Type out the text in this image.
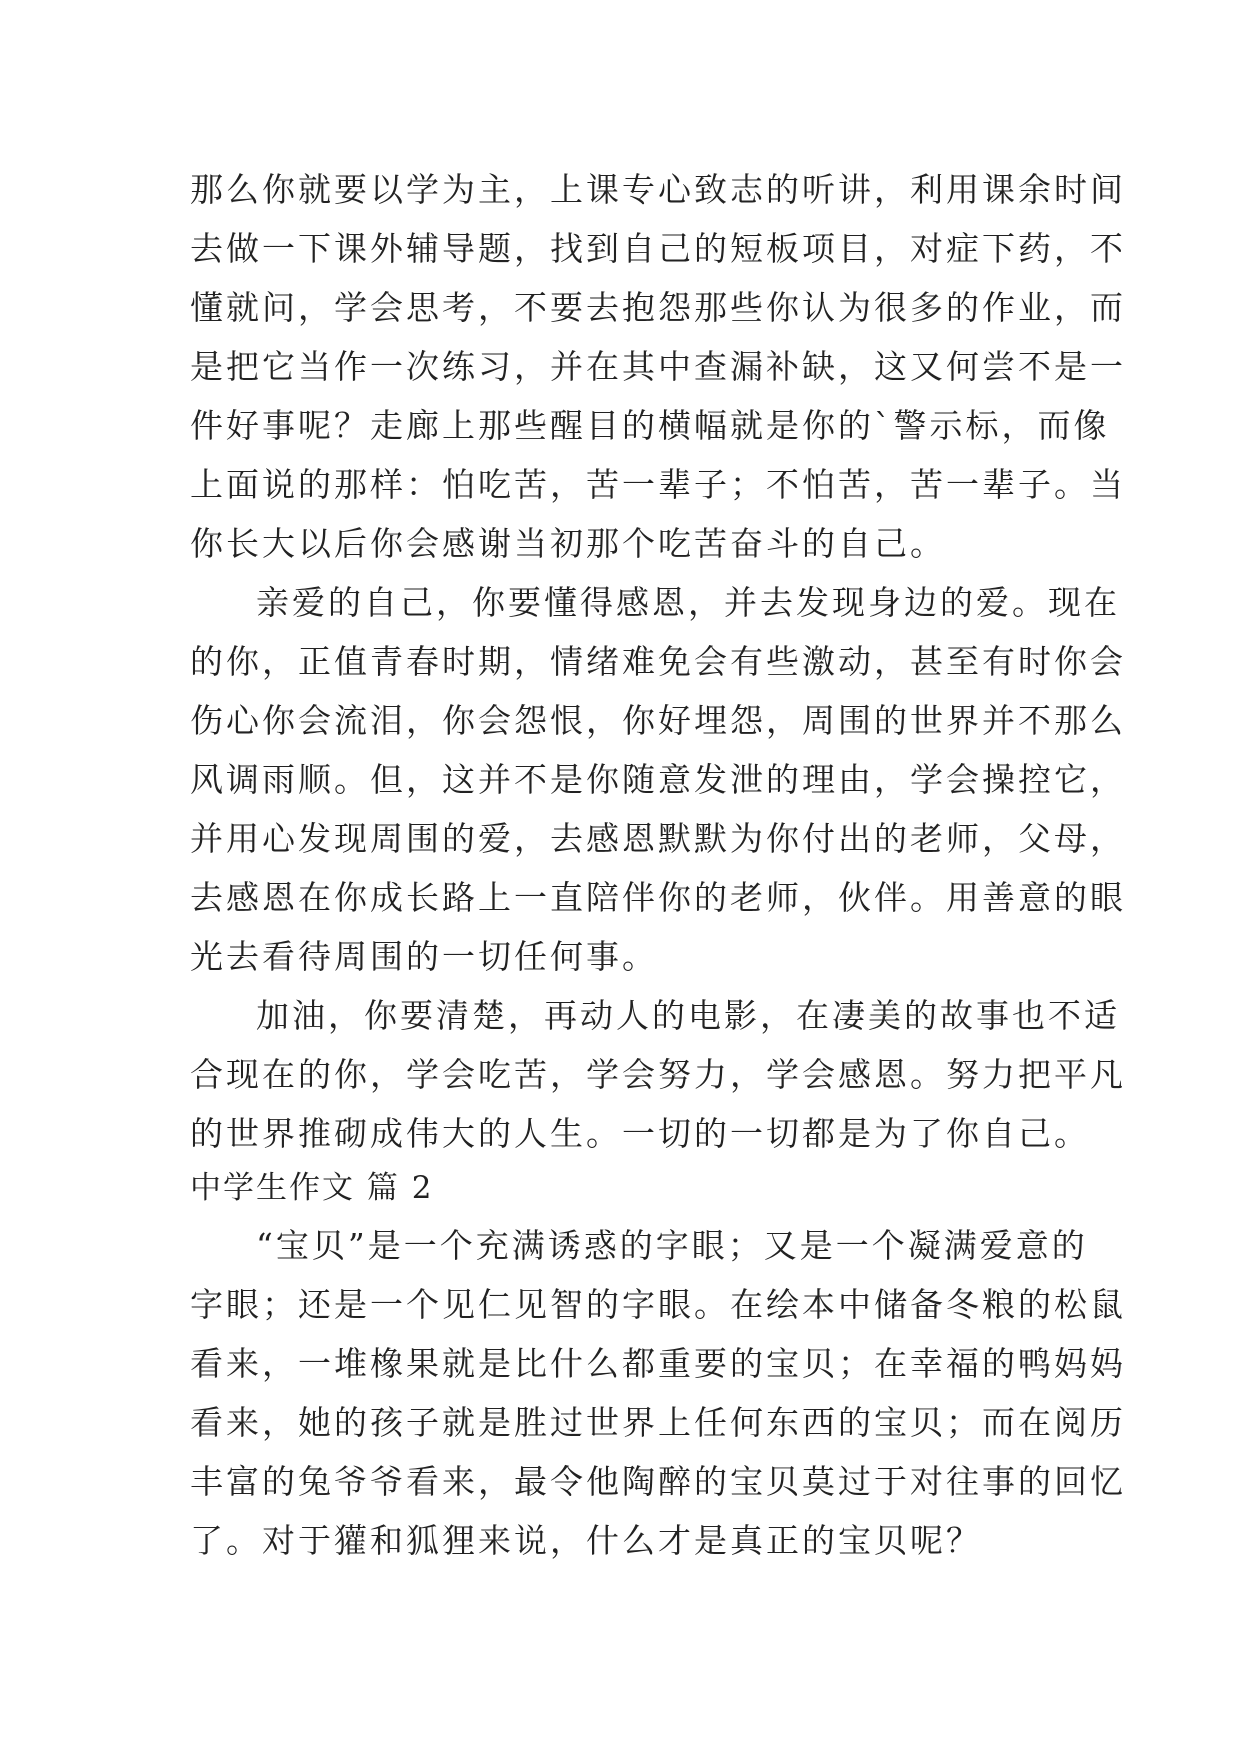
那么你就要以学为主，上课专心致志的听讲，利用课余时间
去做一下课外辅导题，找到自己的短板项目，对症下药，不
懂就问，学会思考，不要去抱怨那些你认为很多的作业，而
是把它当作一次练习，并在其中查漏补缺，这又何尝不是一
件好事呢？走廊上那些醒目的横幅就是你的`警示标，而像
上面说的那样：怕吃苦，苦一辈子；不怕苦，苦一辈子。当
你长大以后你会感谢当初那个吃苦奋斗的自己。
亲爱的自己，你要懂得感恩，并去发现身边的爱。现在
的你，正值青春时期，情绪难免会有些激动，甚至有时你会
伤心你会流泪，你会怨恨，你好埋怨，周围的世界并不那么
风调雨顺。但，这并不是你随意发泄的理由，学会操控它，
并用心发现周围的爱，去感恩默默为你付出的老师，父母，
去感恩在你成长路上一直陪伴你的老师，伙伴。用善意的眼
光去看待周围的一切任何事。
加油，你要清楚，再动人的电影，在凄美的故事也不适
合现在的你，学会吃苦，学会努力，学会感恩。努力把平凡
的世界推砌成伟大的人生。一切的一切都是为了你自己。
中学生作文 篇 2
“宝贝”是一个充满诱惑的字眼；又是一个凝满爱意的
字眼；还是一个见仁见智的字眼。在绘本中储备冬粮的松鼠
看来，一堆橡果就是比什么都重要的宝贝；在幸福的鸭妈妈
看来，她的孩子就是胜过世界上任何东西的宝贝；而在阅历
丰富的兔爷爷看来，最令他陶醉的宝贝莫过于对往事的回忆
了。对于獾和狐狸来说，什么才是真正的宝贝呢？
